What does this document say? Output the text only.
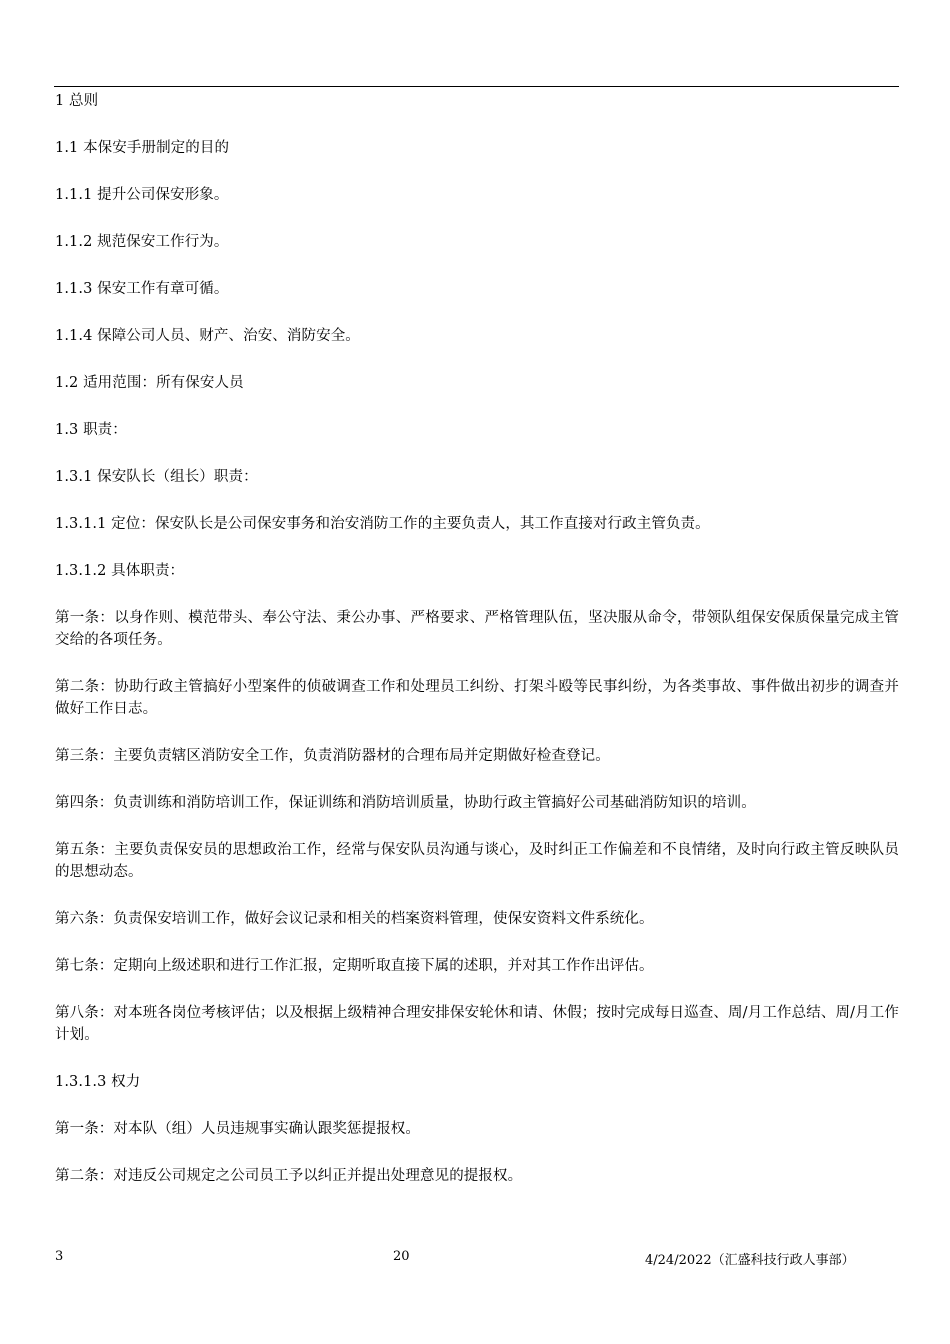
1 总则

1.1 本保安手册制定的目的

1.1.1 提升公司保安形象。

1.1.2 规范保安工作行为。

1.1.3 保安工作有章可循。

1.1.4 保障公司人员、财产、治安、消防安全。

1.2 适用范围：所有保安人员

1.3 职责：

1.3.1 保安队长（组长）职责：

1.3.1.1 定位：保安队长是公司保安事务和治安消防工作的主要负责人，其工作直接对行政主管负责。

1.3.1.2 具体职责：

第一条：以身作则、模范带头、奉公守法、秉公办事、严格要求、严格管理队伍，坚决服从命令，带领队组保安保质保量完成主管交给的各项任务。

第二条：协助行政主管搞好小型案件的侦破调查工作和处理员工纠纷、打架斗殴等民事纠纷，为各类事故、事件做出初步的调查并做好工作日志。

第三条：主要负责辖区消防安全工作，负责消防器材的合理布局并定期做好检查登记。

第四条：负责训练和消防培训工作，保证训练和消防培训质量，协助行政主管搞好公司基础消防知识的培训。

第五条：主要负责保安员的思想政治工作，经常与保安队员沟通与谈心，及时纠正工作偏差和不良情绪，及时向行政主管反映队员的思想动态。

第六条：负责保安培训工作，做好会议记录和相关的档案资料管理，使保安资料文件系统化。

第七条：定期向上级述职和进行工作汇报，定期听取直接下属的述职，并对其工作作出评估。

第八条：对本班各岗位考核评估；以及根据上级精神合理安排保安轮休和请、休假；按时完成每日巡查、周/月工作总结、周/月工作计划。

1.3.1.3 权力

第一条：对本队（组）人员违规事实确认跟奖惩提报权。

第二条：对违反公司规定之公司员工予以纠正并提出处理意见的提报权。

3	20	4/24/2022（汇盛科技行政人事部）
